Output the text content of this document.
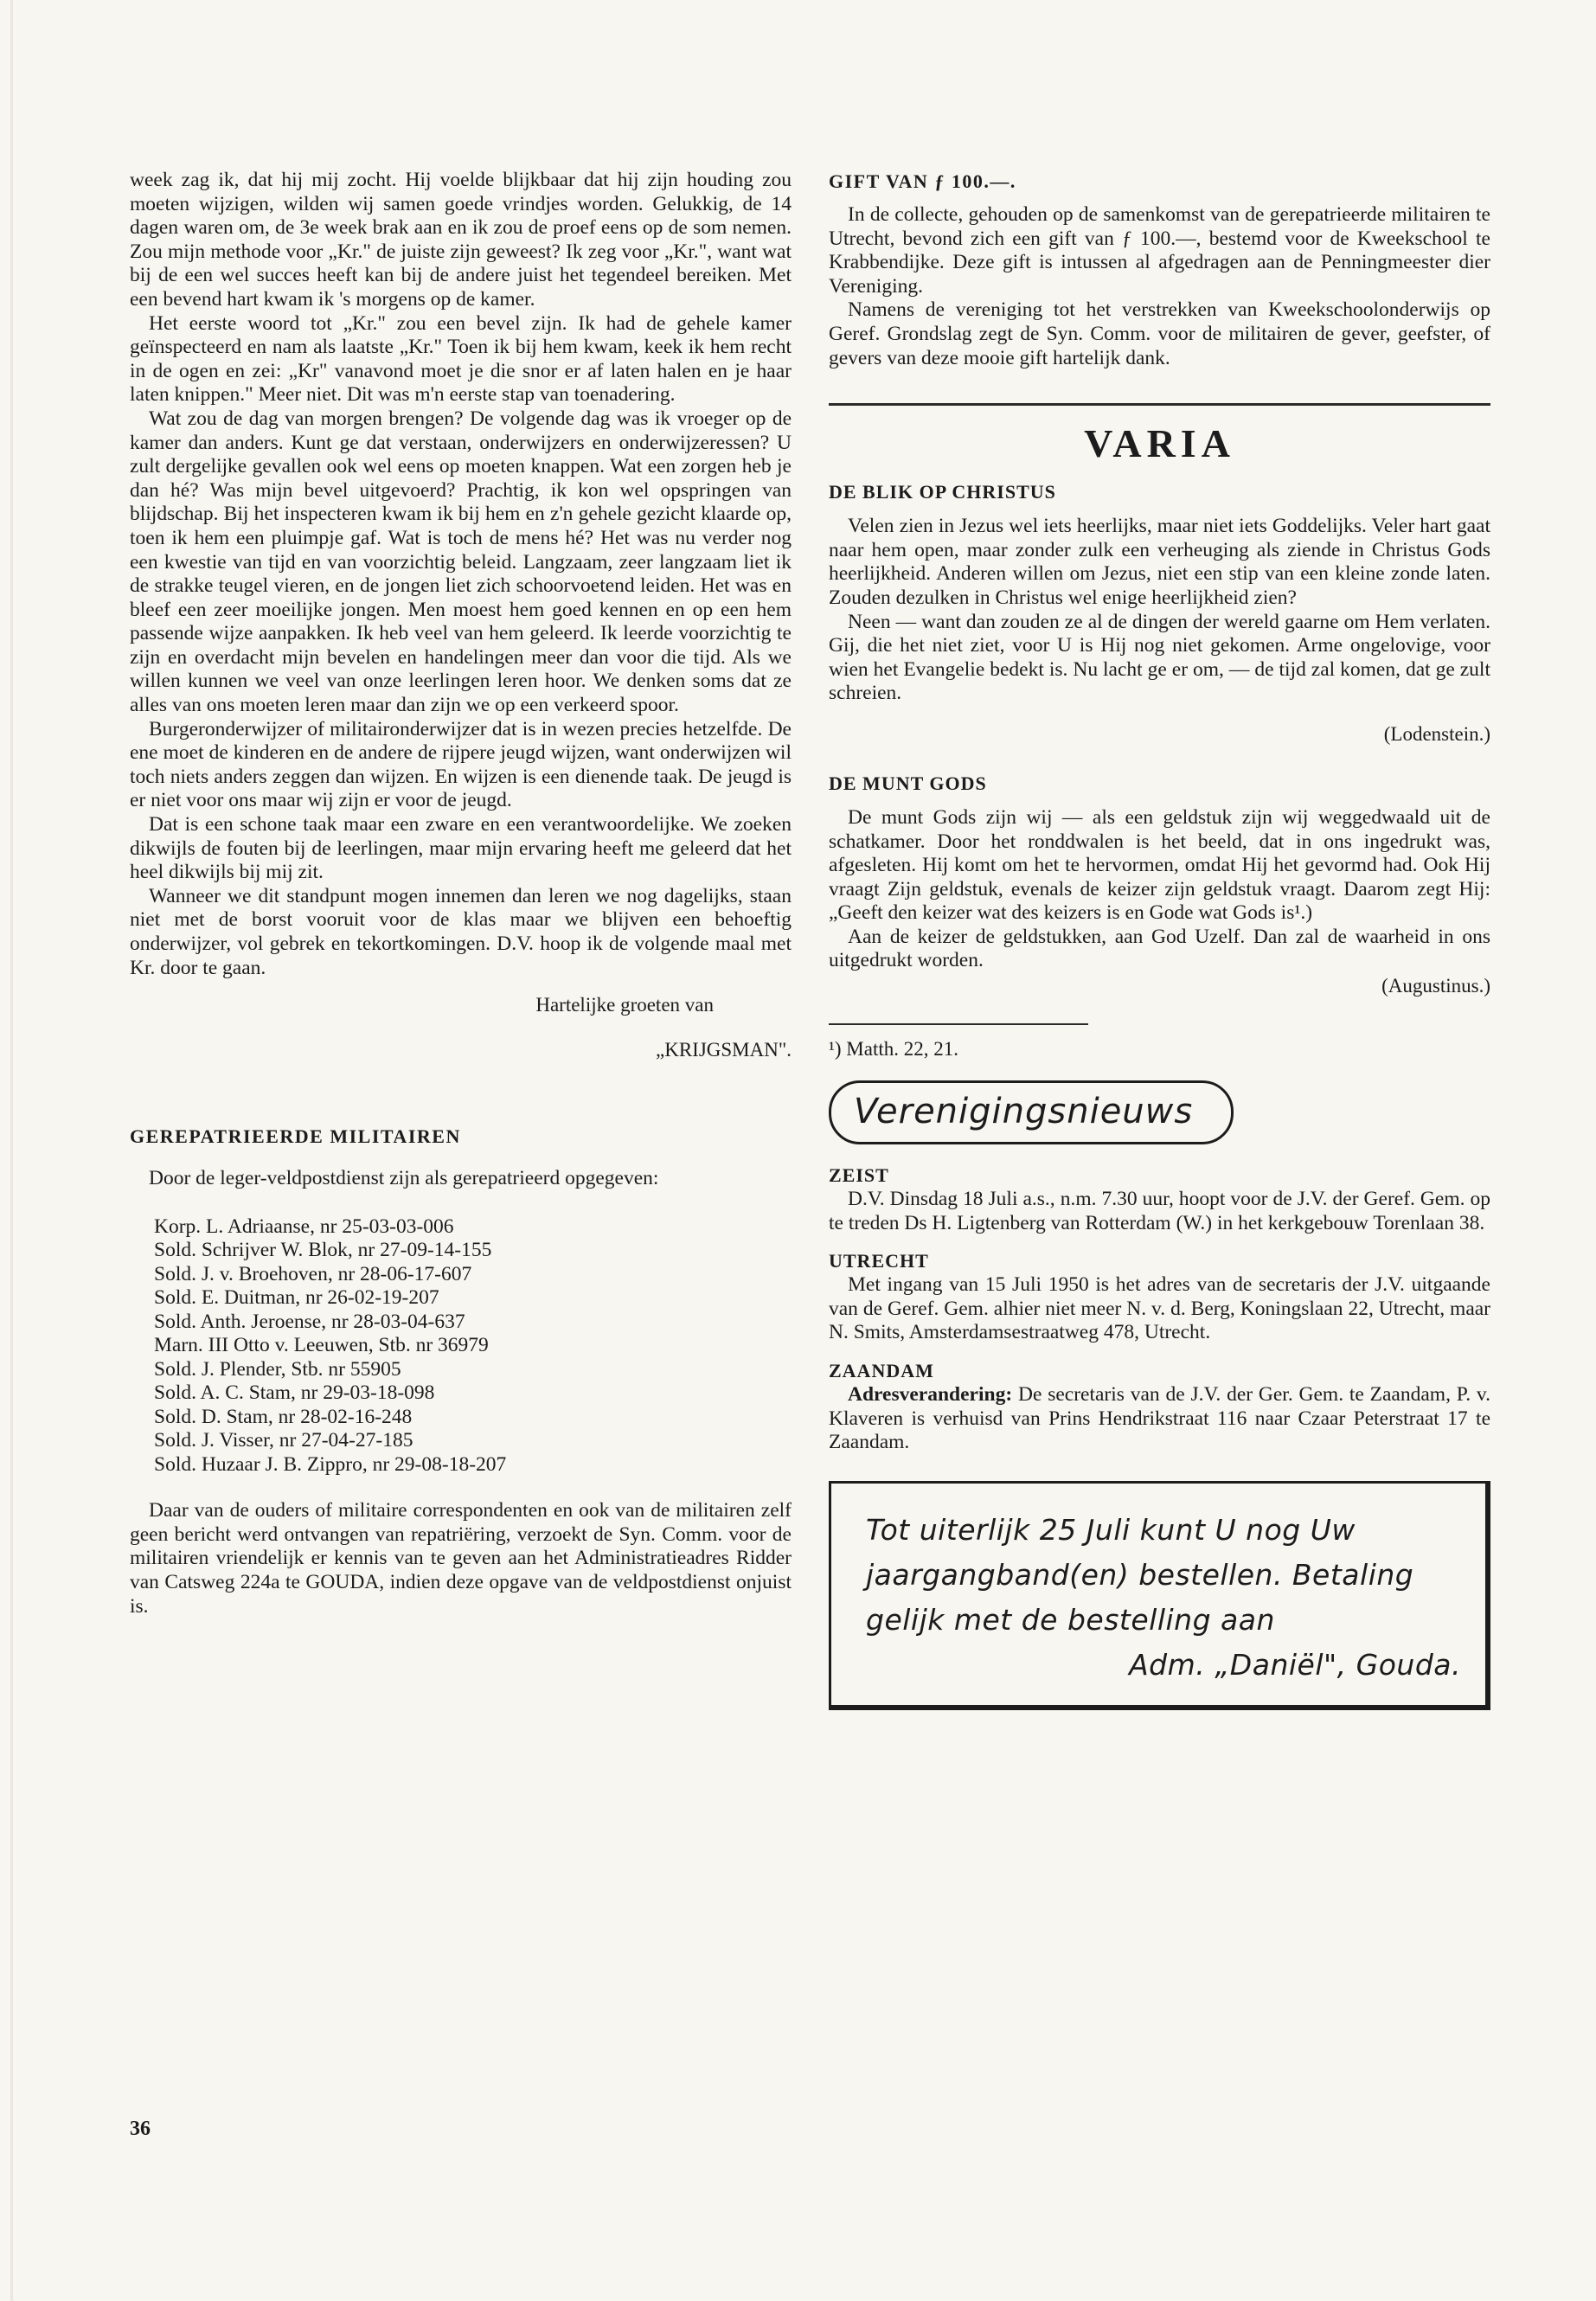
week zag ik, dat hij mij zocht. Hij voelde blijkbaar dat hij zijn houding zou moeten wijzigen, wilden wij samen goede vrindjes worden. Gelukkig, de 14 dagen waren om, de 3e week brak aan en ik zou de proef eens op de som nemen. Zou mijn methode voor „Kr." de juiste zijn geweest? Ik zeg voor „Kr.", want wat bij de een wel succes heeft kan bij de andere juist het tegendeel bereiken. Met een bevend hart kwam ik 's morgens op de kamer.

Het eerste woord tot „Kr." zou een bevel zijn. Ik had de gehele kamer geïnspecteerd en nam als laatste „Kr." Toen ik bij hem kwam, keek ik hem recht in de ogen en zei: „Kr" vanavond moet je die snor er af laten halen en je haar laten knippen." Meer niet. Dit was m'n eerste stap van toenadering.

Wat zou de dag van morgen brengen? De volgende dag was ik vroeger op de kamer dan anders. Kunt ge dat verstaan, onderwijzers en onderwijzeressen? U zult dergelijke gevallen ook wel eens op moeten knappen. Wat een zorgen heb je dan hé? Was mijn bevel uitgevoerd? Prachtig, ik kon wel opspringen van blijdschap. Bij het inspecteren kwam ik bij hem en z'n gehele gezicht klaarde op, toen ik hem een pluimpje gaf. Wat is toch de mens hé? Het was nu verder nog een kwestie van tijd en van voorzichtig beleid. Langzaam, zeer langzaam liet ik de strakke teugel vieren, en de jongen liet zich schoorvoetend leiden. Het was en bleef een zeer moeilijke jongen. Men moest hem goed kennen en op een hem passende wijze aanpakken. Ik heb veel van hem geleerd. Ik leerde voorzichtig te zijn en overdacht mijn bevelen en handelingen meer dan voor die tijd. Als we willen kunnen we veel van onze leerlingen leren hoor. We denken soms dat ze alles van ons moeten leren maar dan zijn we op een verkeerd spoor.

Burgeronderwijzer of militaironderwijzer dat is in wezen precies hetzelfde. De ene moet de kinderen en de andere de rijpere jeugd wijzen, want onderwijzen wil toch niets anders zeggen dan wijzen. En wijzen is een dienende taak. De jeugd is er niet voor ons maar wij zijn er voor de jeugd.

Dat is een schone taak maar een zware en een verantwoordelijke. We zoeken dikwijls de fouten bij de leerlingen, maar mijn ervaring heeft me geleerd dat het heel dikwijls bij mij zit.

Wanneer we dit standpunt mogen innemen dan leren we nog dagelijks, staan niet met de borst vooruit voor de klas maar we blijven een behoeftig onderwijzer, vol gebrek en tekortkomingen. D.V. hoop ik de volgende maal met Kr. door te gaan.

Hartelijke groeten van
„KRIJGSMAN".
GEREPATRIEERDE MILITAIREN

Door de leger-veldpostdienst zijn als gerepatrieerd opgegeven:

Korp. L. Adriaanse, nr 25-03-03-006
Sold. Schrijver W. Blok, nr 27-09-14-155
Sold. J. v. Broehoven, nr 28-06-17-607
Sold. E. Duitman, nr 26-02-19-207
Sold. Anth. Jeroense, nr 28-03-04-637
Marn. III Otto v. Leeuwen, Stb. nr 36979
Sold. J. Plender, Stb. nr 55905
Sold. A. C. Stam, nr 29-03-18-098
Sold. D. Stam, nr 28-02-16-248
Sold. J. Visser, nr 27-04-27-185
Sold. Huzaar J. B. Zippro, nr 29-08-18-207

Daar van de ouders of militaire correspondenten en ook van de militairen zelf geen bericht werd ontvangen van repatriëring, verzoekt de Syn. Comm. voor de militairen vriendelijk er kennis van te geven aan het Administratieadres Ridder van Catsweg 224a te GOUDA, indien deze opgave van de veldpostdienst onjuist is.

GIFT VAN ƒ 100.—.

In de collecte, gehouden op de samenkomst van de gerepatrieerde militairen te Utrecht, bevond zich een gift van ƒ 100.—, bestemd voor de Kweekschool te Krabbendijke. Deze gift is intussen al afgedragen aan de Penningmeester dier Vereniging.

Namens de vereniging tot het verstrekken van Kweekschoolonderwijs op Geref. Grondslag zegt de Syn. Comm. voor de militairen de gever, geefster, of gevers van deze mooie gift hartelijk dank.

VARIA
DE BLIK OP CHRISTUS

Velen zien in Jezus wel iets heerlijks, maar niet iets Goddelijks. Veler hart gaat naar hem open, maar zonder zulk een verheuging als ziende in Christus Gods heerlijkheid. Anderen willen om Jezus, niet een stip van een kleine zonde laten. Zouden dezulken in Christus wel enige heerlijkheid zien?

Neen — want dan zouden ze al de dingen der wereld gaarne om Hem verlaten. Gij, die het niet ziet, voor U is Hij nog niet gekomen. Arme ongelovige, voor wien het Evangelie bedekt is. Nu lacht ge er om, — de tijd zal komen, dat ge zult schreien.

(Lodenstein.)
DE MUNT GODS

De munt Gods zijn wij — als een geldstuk zijn wij weggedwaald uit de schatkamer. Door het ronddwalen is het beeld, dat in ons ingedrukt was, afgesleten. Hij komt om het te hervormen, omdat Hij het gevormd had. Ook Hij vraagt Zijn geldstuk, evenals de keizer zijn geldstuk vraagt. Daarom zegt Hij: „Geeft den keizer wat des keizers is en Gode wat Gods is¹.)

Aan de keizer de geldstukken, aan God Uzelf. Dan zal de waarheid in ons uitgedrukt worden.

(Augustinus.)

¹) Matth. 22, 21.

Verenigingsnieuws
ZEIST

D.V. Dinsdag 18 Juli a.s., n.m. 7.30 uur, hoopt voor de J.V. der Geref. Gem. op te treden Ds H. Ligtenberg van Rotterdam (W.) in het kerkgebouw Torenlaan 38.

UTRECHT

Met ingang van 15 Juli 1950 is het adres van de secretaris der J.V. uitgaande van de Geref. Gem. alhier niet meer N. v. d. Berg, Koningslaan 22, Utrecht, maar N. Smits, Amsterdamsestraatweg 478, Utrecht.

ZAANDAM

Adresverandering: De secretaris van de J.V. der Ger. Gem. te Zaandam, P. v. Klaveren is verhuisd van Prins Hendrikstraat 116 naar Czaar Peterstraat 17 te Zaandam.

Tot uiterlijk 25 Juli kunt U nog Uw
jaargangband(en) bestellen. Betaling
gelijk met de bestelling aan
Adm. „Daniël", Gouda.
36
